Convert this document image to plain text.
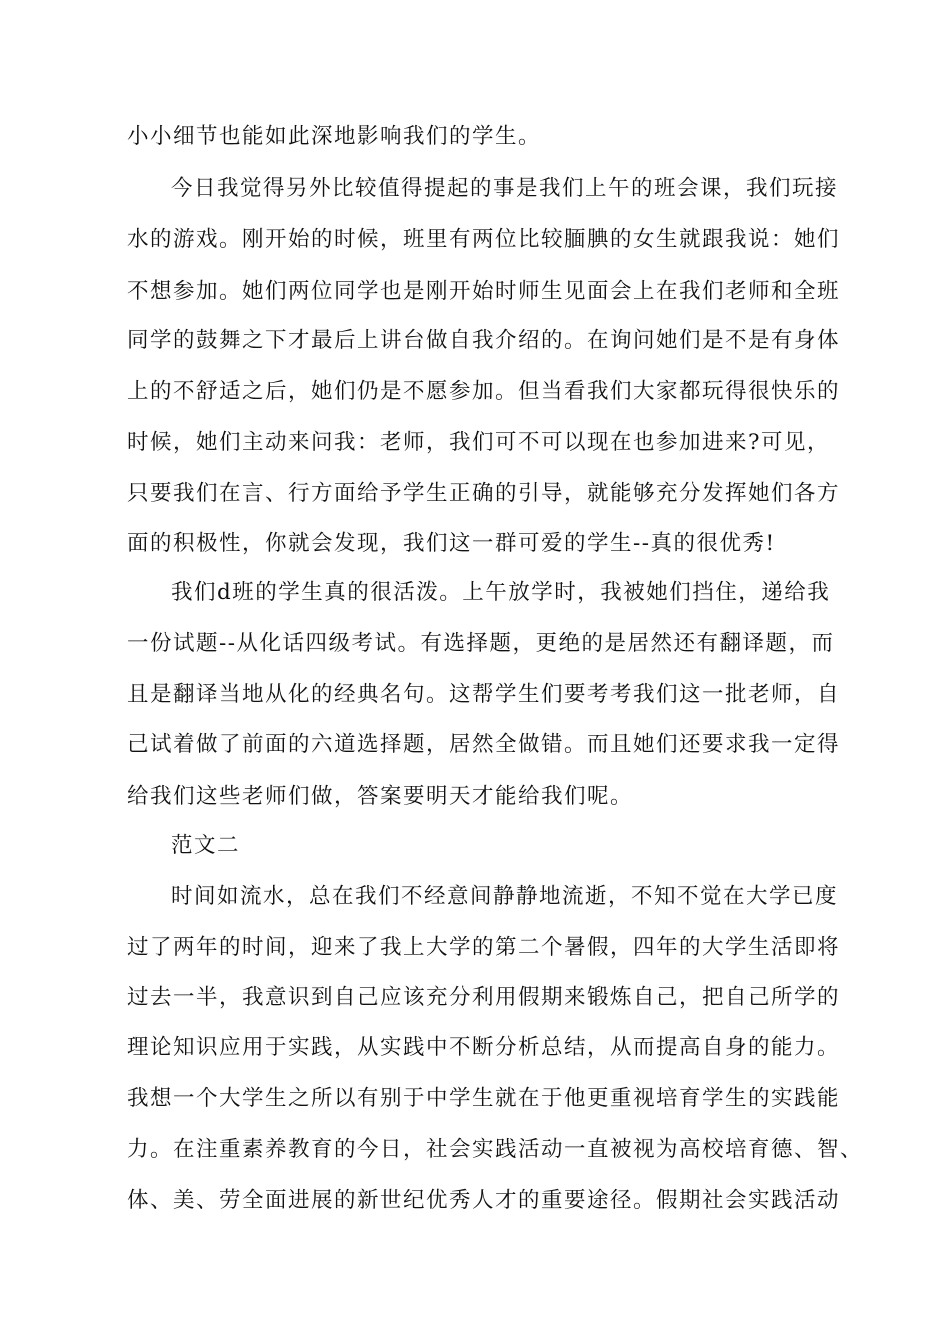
小小细节也能如此深地影响我们的学生。
今日我觉得另外比较值得提起的事是我们上午的班会课，我们玩接
水的游戏。刚开始的时候，班里有两位比较腼腆的女生就跟我说：她们
不想参加。她们两位同学也是刚开始时师生见面会上在我们老师和全班
同学的鼓舞之下才最后上讲台做自我介绍的。在询问她们是不是有身体
上的不舒适之后，她们仍是不愿参加。但当看我们大家都玩得很快乐的
时候，她们主动来问我：老师，我们可不可以现在也参加进来?可见，
只要我们在言、行方面给予学生正确的引导，就能够充分发挥她们各方
面的积极性，你就会发现，我们这一群可爱的学生--真的很优秀!
我们d班的学生真的很活泼。上午放学时，我被她们挡住，递给我
一份试题--从化话四级考试。有选择题，更绝的是居然还有翻译题，而
且是翻译当地从化的经典名句。这帮学生们要考考我们这一批老师，自
己试着做了前面的六道选择题，居然全做错。而且她们还要求我一定得
给我们这些老师们做，答案要明天才能给我们呢。
范文二
时间如流水，总在我们不经意间静静地流逝，不知不觉在大学已度
过了两年的时间，迎来了我上大学的第二个暑假，四年的大学生活即将
过去一半，我意识到自己应该充分利用假期来锻炼自己，把自己所学的
理论知识应用于实践，从实践中不断分析总结，从而提高自身的能力。
我想一个大学生之所以有别于中学生就在于他更重视培育学生的实践能
力。在注重素养教育的今日，社会实践活动一直被视为高校培育德、智、
体、美、劳全面进展的新世纪优秀人才的重要途径。假期社会实践活动
